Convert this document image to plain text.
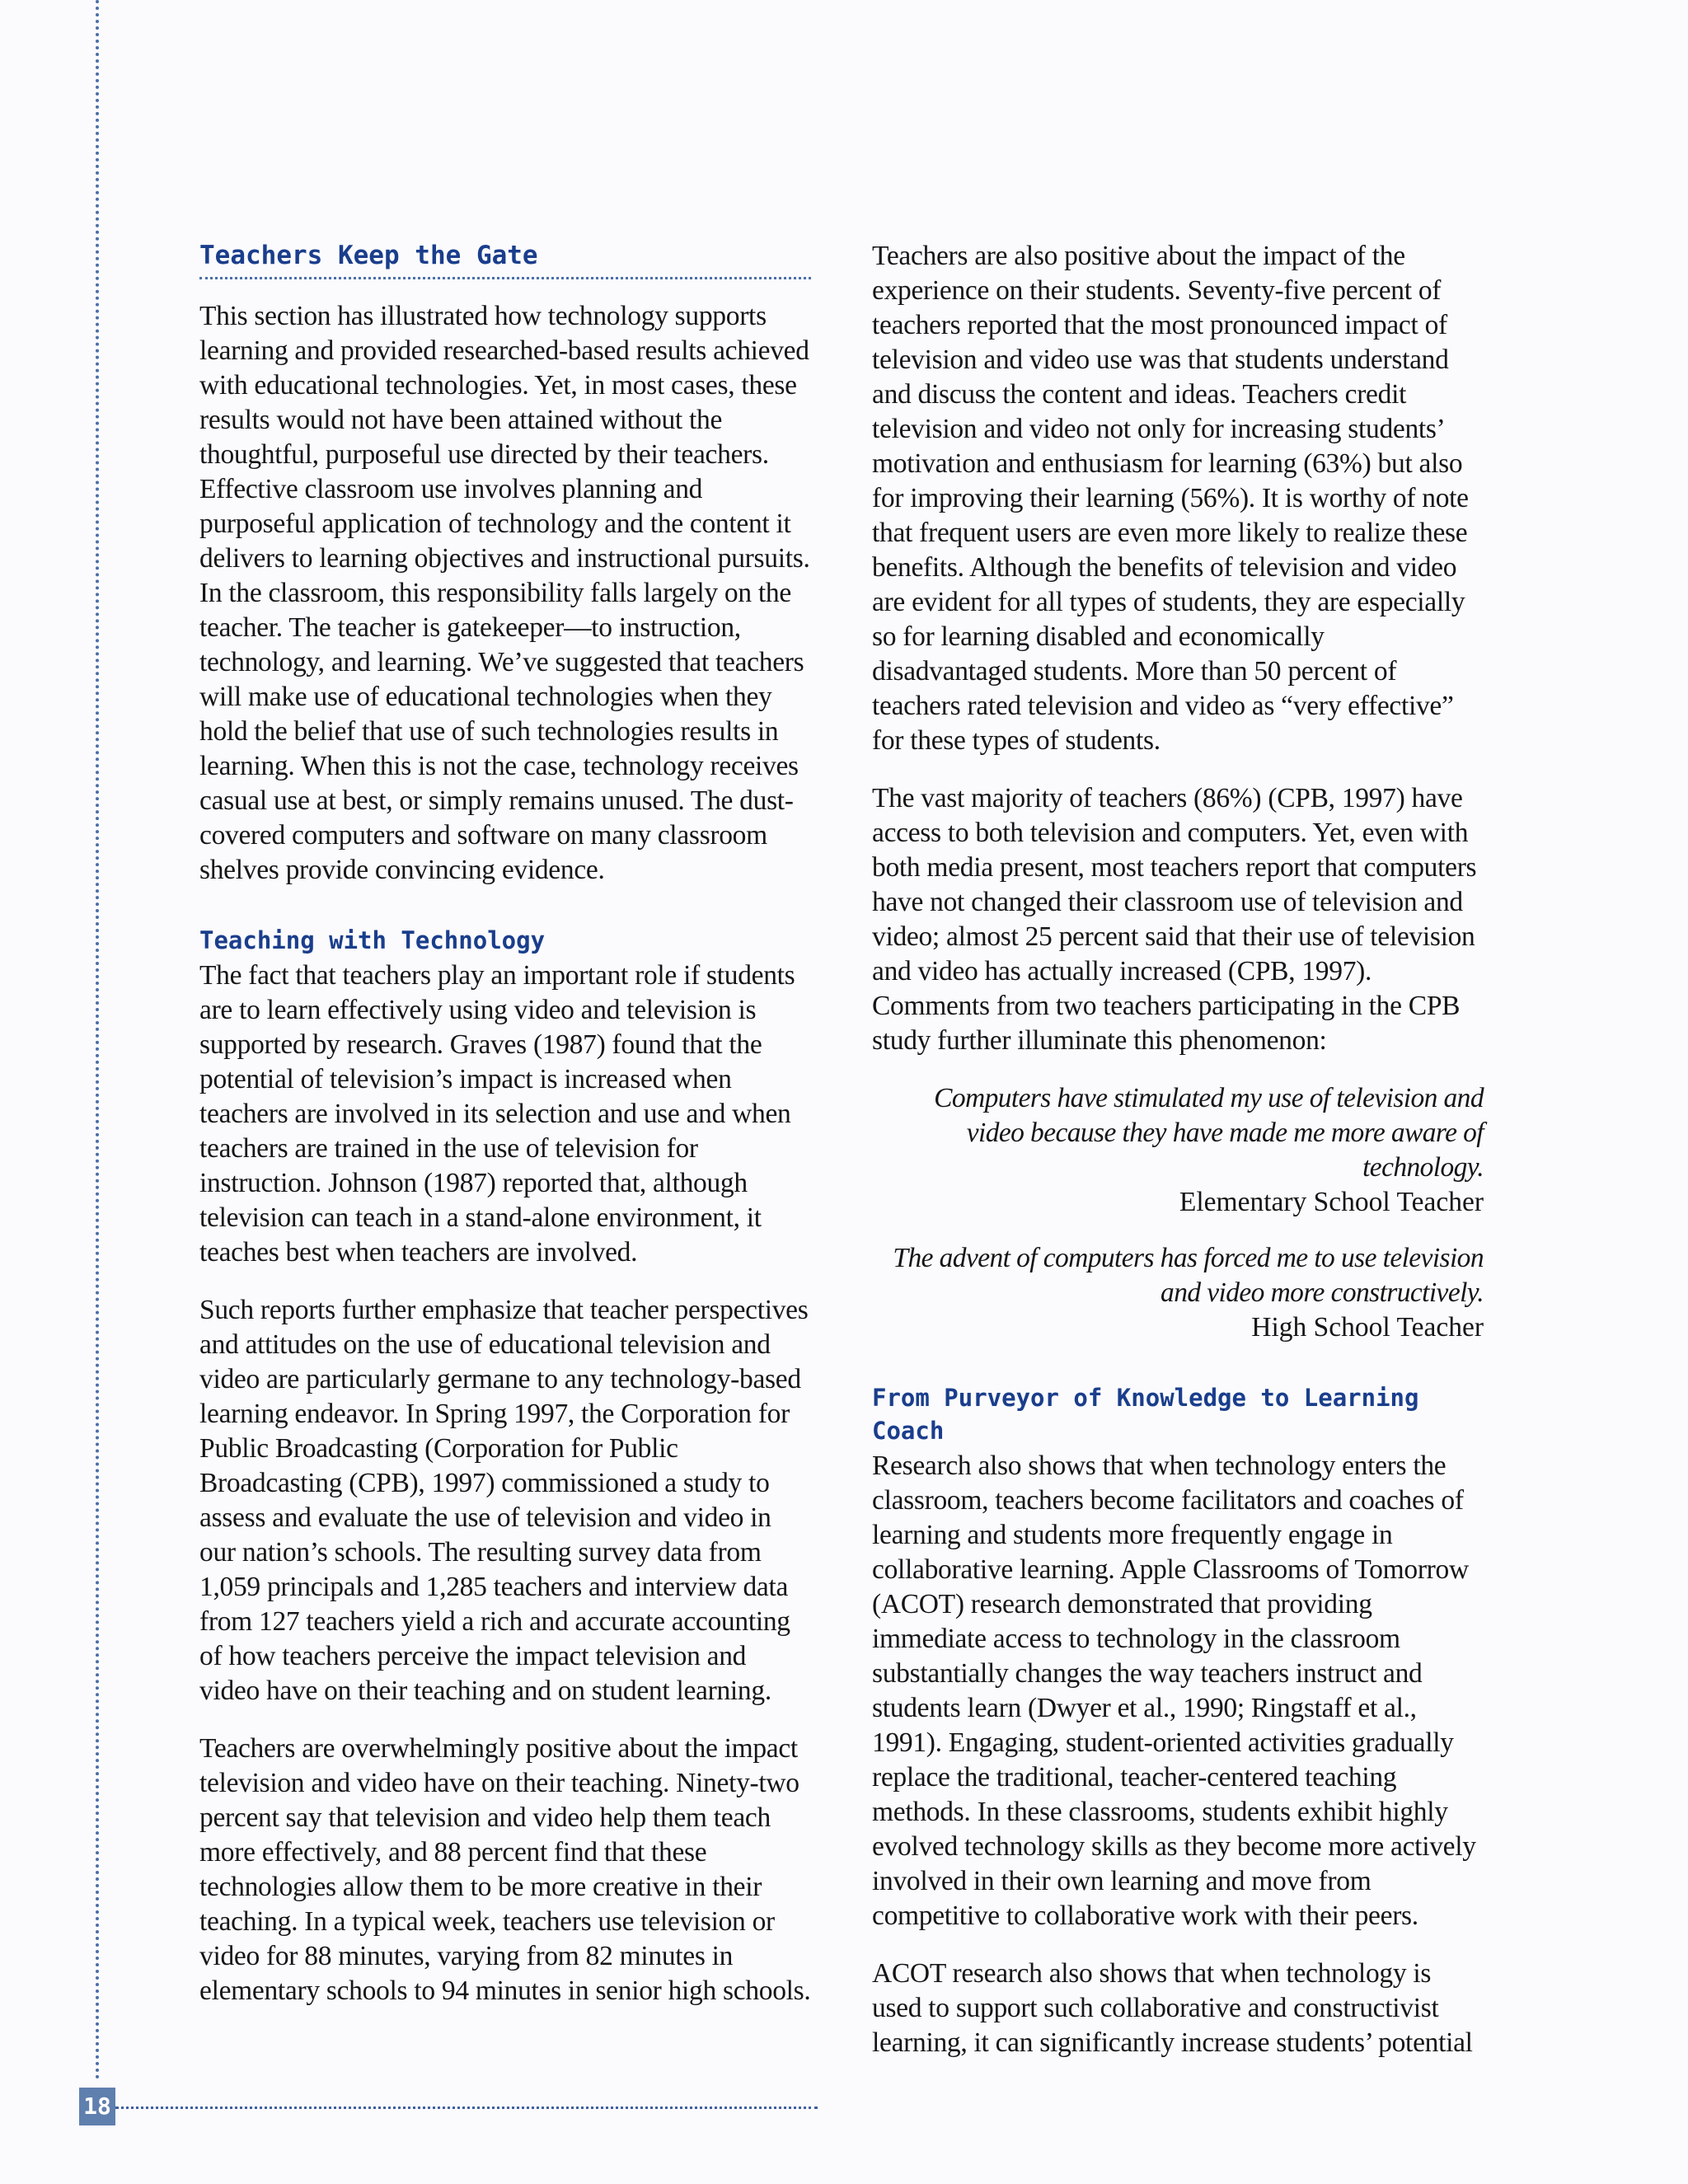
Teachers Keep the Gate

This section has illustrated how technology supports learning and provided researched-based results achieved with educational technologies. Yet, in most cases, these results would not have been attained without the thoughtful, purposeful use directed by their teachers. Effective classroom use involves planning and purposeful application of technology and the content it delivers to learning objectives and instructional pursuits. In the classroom, this responsibility falls largely on the teacher. The teacher is gatekeeper—to instruction, technology, and learning. We’ve suggested that teachers will make use of educational technologies when they hold the belief that use of such technologies results in learning. When this is not the case, technology receives casual use at best, or simply remains unused. The dust-covered computers and software on many classroom shelves provide convincing evidence.

Teaching with Technology

The fact that teachers play an important role if students are to learn effectively using video and television is supported by research. Graves (1987) found that the potential of television’s impact is increased when teachers are involved in its selection and use and when teachers are trained in the use of television for instruction. Johnson (1987) reported that, although television can teach in a stand-alone environment, it teaches best when teachers are involved.

Such reports further emphasize that teacher perspectives and attitudes on the use of educational television and video are particularly germane to any technology-based learning endeavor. In Spring 1997, the Corporation for Public Broadcasting (Corporation for Public Broadcasting (CPB), 1997) commissioned a study to assess and evaluate the use of television and video in our nation’s schools. The resulting survey data from 1,059 principals and 1,285 teachers and interview data from 127 teachers yield a rich and accurate accounting of how teachers perceive the impact television and video have on their teaching and on student learning.

Teachers are overwhelmingly positive about the impact television and video have on their teaching. Ninety-two percent say that television and video help them teach more effectively, and 88 percent find that these technologies allow them to be more creative in their teaching. In a typical week, teachers use television or video for 88 minutes, varying from 82 minutes in elementary schools to 94 minutes in senior high schools.

Teachers are also positive about the impact of the experience on their students. Seventy-five percent of teachers reported that the most pronounced impact of television and video use was that students understand and discuss the content and ideas. Teachers credit television and video not only for increasing students’ motivation and enthusiasm for learning (63%) but also for improving their learning (56%). It is worthy of note that frequent users are even more likely to realize these benefits. Although the benefits of television and video are evident for all types of students, they are especially so for learning disabled and economically disadvantaged students. More than 50 percent of teachers rated television and video as “very effective” for these types of students.

The vast majority of teachers (86%) (CPB, 1997) have access to both television and computers. Yet, even with both media present, most teachers report that computers have not changed their classroom use of television and video; almost 25 percent said that their use of television and video has actually increased (CPB, 1997). Comments from two teachers participating in the CPB study further illuminate this phenomenon:

Computers have stimulated my use of television and video because they have made me more aware of technology.
Elementary School Teacher
The advent of computers has forced me to use television and video more constructively.
High School Teacher
From Purveyor of Knowledge to Learning Coach

Research also shows that when technology enters the classroom, teachers become facilitators and coaches of learning and students more frequently engage in collaborative learning. Apple Classrooms of Tomorrow (ACOT) research demonstrated that providing immediate access to technology in the classroom substantially changes the way teachers instruct and students learn (Dwyer et al., 1990; Ringstaff et al., 1991). Engaging, student-oriented activities gradually replace the traditional, teacher-centered teaching methods. In these classrooms, students exhibit highly evolved technology skills as they become more actively involved in their own learning and move from competitive to collaborative work with their peers.

ACOT research also shows that when technology is used to support such collaborative and constructivist learning, it can significantly increase students’ potential

18
